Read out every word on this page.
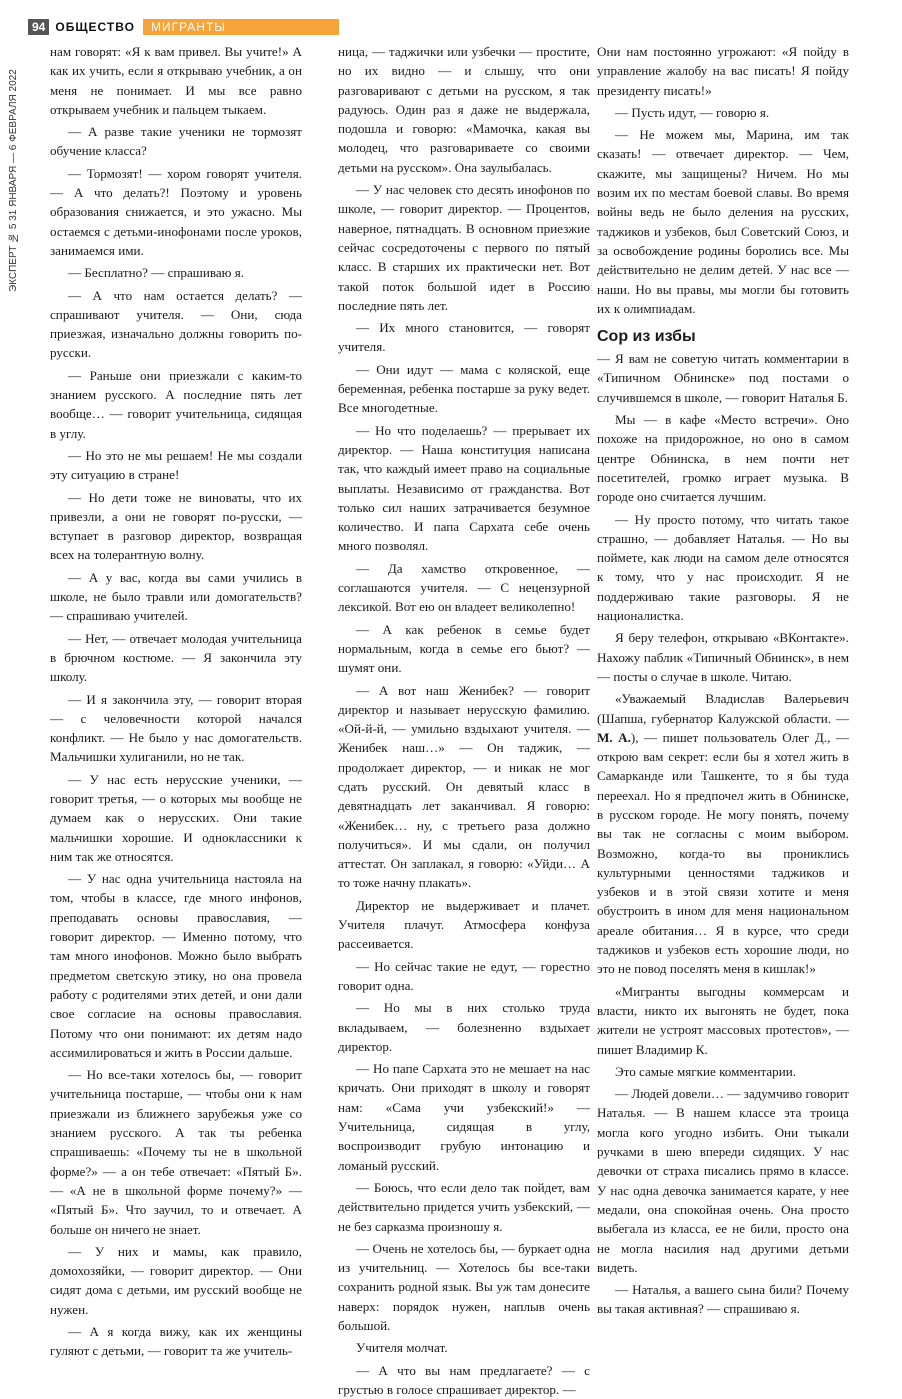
94 ОБЩЕСТВО	МИГРАНТЫ
ЭКСПЕРТ № 5 31 ЯНВАРЯ — 6 ФЕВРАЛЯ 2022

нам говорят: «Я к вам привел. Вы учите!» А как их учить, если я открываю учебник, а он меня не понимает. И мы все равно открываем учебник и пальцем тыкаем.

— А разве такие ученики не тормозят обучение класса?

— Тормозят! — хором говорят учителя. — А что делать?! Поэтому и уровень образования снижается, и это ужасно. Мы остаемся с детьми-инофонами после уроков, занимаемся ими.

— Бесплатно? — спрашиваю я.

— А что нам остается делать? — спрашивают учителя. — Они, сюда приезжая, изначально должны говорить по-русски.

— Раньше они приезжали с каким-то знанием русского. А последние пять лет вообще… — говорит учительница, сидящая в углу.

— Но это не мы решаем! Не мы создали эту ситуацию в стране!

— Но дети тоже не виноваты, что их привезли, а они не говорят по-русски, — вступает в разговор директор, возвращая всех на толерантную волну.

— А у вас, когда вы сами учились в школе, не было травли или домогательств? — спрашиваю учителей.

— Нет, — отвечает молодая учительница в брючном костюме. — Я закончила эту школу.

— И я закончила эту, — говорит вторая — с человечности которой начался конфликт. — Не было у нас домогательств. Мальчишки хулиганили, но не так.

— У нас есть нерусские ученики, — говорит третья, — о которых мы вообще не думаем как о нерусских. Они такие мальчишки хорошие. И одноклассники к ним так же относятся.

— У нас одна учительница настояла на том, чтобы в классе, где много инфонов, преподавать основы православия, — говорит директор. — Именно потому, что там много инофонов. Можно было выбрать предметом светскую этику, но она провела работу с родителями этих детей, и они дали свое согласие на основы православия. Потому что они понимают: их детям надо ассимилироваться и жить в России дальше.

— Но все-таки хотелось бы, — говорит учительница постарше, — чтобы они к нам приезжали из ближнего зарубежья уже со знанием русского. А так ты ребенка спрашиваешь: «Почему ты не в школьной форме?» — а он тебе отвечает: «Пятый Б». — «А не в школьной форме почему?» — «Пятый Б». Что заучил, то и отвечает. А больше он ничего не знает.

— У них и мамы, как правило, домохозяйки, — говорит директор. — Они сидят дома с детьми, им русский вообще не нужен.

— А я когда вижу, как их женщины гуляют с детьми, — говорит та же учитель-

ница, — таджички или узбечки — простите, но их видно — и слышу, что они разговаривают с детьми на русском, я так радуюсь. Один раз я даже не выдержала, подошла и говорю: «Мамочка, какая вы молодец, что разговариваете со своими детьми на русском». Она заулыбалась.

— У нас человек сто десять инофонов по школе, — говорит директор. — Процентов, наверное, пятнадцать. В основном приезжие сейчас сосредоточены с первого по пятый класс. В старших их практически нет. Вот такой поток большой идет в Россию последние пять лет.

— Их много становится, — говорят учителя.

— Они идут — мама с коляской, еще беременная, ребенка постарше за руку ведет. Все многодетные.

— Но что поделаешь? — прерывает их директор. — Наша конституция написана так, что каждый имеет право на социальные выплаты. Независимо от гражданства. Вот только сил наших затрачивается безумное количество. И папа Сархата себе очень много позволял.

— Да хамство откровенное, — соглашаются учителя. — С нецензурной лексикой. Вот ею он владеет великолепно!

— А как ребенок в семье будет нормальным, когда в семье его бьют? — шумят они.

— А вот наш Женибек? — говорит директор и называет нерусскую фамилию. «Ой-й-й, — умильно вздыхают учителя. — Женибек наш…» — Он таджик, — продолжает директор, — и никак не мог сдать русский. Он девятый класс в девятнадцать лет заканчивал. Я говорю: «Женибек… ну, с третьего раза должно получиться». И мы сдали, он получил аттестат. Он заплакал, я говорю: «Уйди… А то тоже начну плакать».

Директор не выдерживает и плачет. Учителя плачут. Атмосфера конфуза рассеивается.

— Но сейчас такие не едут, — горестно говорит одна.

— Но мы в них столько труда вкладываем, — болезненно вздыхает директор.

— Но папе Сархата это не мешает на нас кричать. Они приходят в школу и говорят нам: «Сама учи узбекский!» — Учительница, сидящая в углу, воспроизводит грубую интонацию и ломаный русский.

— Боюсь, что если дело так пойдет, вам действительно придется учить узбекский, — не без сарказма произношу я.

— Очень не хотелось бы, — буркает одна из учительниц. — Хотелось бы все-таки сохранить родной язык. Вы уж там донесите наверх: порядок нужен, наплыв очень большой.

Учителя молчат.

— А что вы нам предлагаете? — с грустью в голосе спрашивает директор. —

Они нам постоянно угрожают: «Я пойду в управление жалобу на вас писать! Я пойду президенту писать!»

— Пусть идут, — говорю я.

— Не можем мы, Марина, им так сказать! — отвечает директор. — Чем, скажите, мы защищены? Ничем. Но мы возим их по местам боевой славы. Во время войны ведь не было деления на русских, таджиков и узбеков, был Советский Союз, и за освобождение родины боролись все. Мы действительно не делим детей. У нас все — наши. Но вы правы, мы могли бы готовить их к олимпиадам.

Сор из избы

— Я вам не советую читать комментарии в «Типичном Обнинске» под постами о случившемся в школе, — говорит Наталья Б.

Мы — в кафе «Место встречи». Оно похоже на придорожное, но оно в самом центре Обнинска, в нем почти нет посетителей, громко играет музыка. В городе оно считается лучшим.

— Ну просто потому, что читать такое страшно, — добавляет Наталья. — Но вы поймете, как люди на самом деле относятся к тому, что у нас происходит. Я не поддерживаю такие разговоры. Я не националистка.

Я беру телефон, открываю «ВКонтакте». Нахожу паблик «Типичный Обнинск», в нем — посты о случае в школе. Читаю.

«Уважаемый Владислав Валерьевич (Шапша, губернатор Калужской области. — М. А.), — пишет пользователь Олег Д., — открою вам секрет: если бы я хотел жить в Самарканде или Ташкенте, то я бы туда переехал. Но я предпочел жить в Обнинске, в русском городе. Не могу понять, почему вы так не согласны с моим выбором. Возможно, когда-то вы прониклись культурными ценностями таджиков и узбеков и в этой связи хотите и меня обустроить в ином для меня национальном ареале обитания… Я в курсе, что среди таджиков и узбеков есть хорошие люди, но это не повод поселять меня в кишлак!»

«Мигранты выгодны коммерсам и власти, никто их выгонять не будет, пока жители не устроят массовых протестов», — пишет Владимир К.

Это самые мягкие комментарии.

— Людей довели… — задумчиво говорит Наталья. — В нашем классе эта троица могла кого угодно избить. Они тыкали ручками в шею впереди сидящих. У нас девочки от страха писались прямо в классе. У нас одна девочка занимается карате, у нее медали, она спокойная очень. Она просто выбегала из класса, ее не били, просто она не могла насилия над другими детьми видеть.

— Наталья, а вашего сына били? Почему вы такая активная? — спрашиваю я.
